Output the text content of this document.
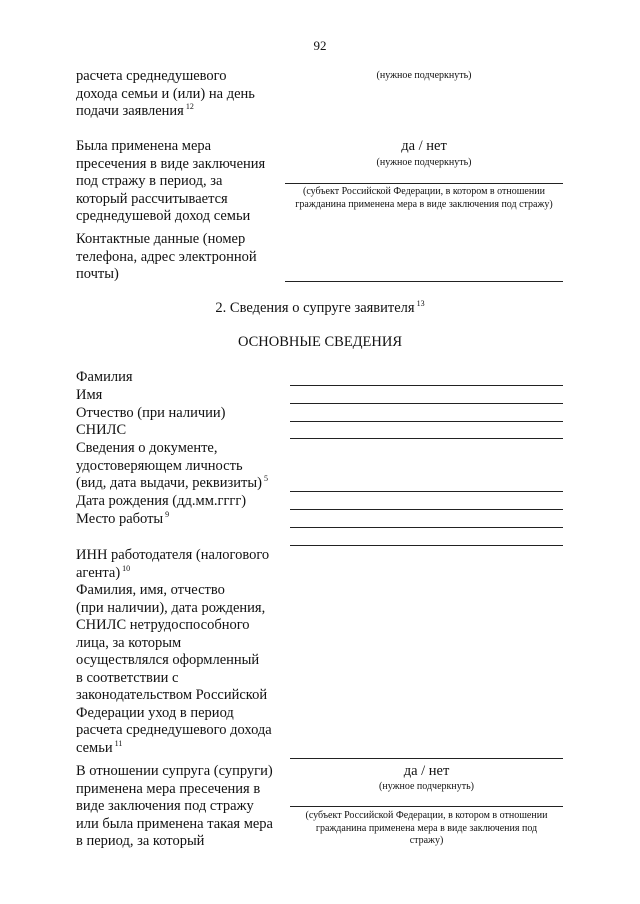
92
расчета среднедушевого
дохода семьи и (или) на день
подачи заявления $^{12}$
(нужное подчеркнуть)
Была применена мера
пресечения в виде заключения
под стражу в период, за
который рассчитывается
среднедушевой доход семьи
да / нет
(нужное подчеркнуть)
(субъект Российской Федерации, в котором в отношении гражданина применена мера в виде заключения под стражу)
Контактные данные (номер
телефона, адрес электронной
почты)
2. Сведения о супруге заявителя $^{13}$
ОСНОВНЫЕ СВЕДЕНИЯ
Фамилия
Имя
Отчество (при наличии)
СНИЛС
Сведения о документе,
удостоверяющем личность
(вид, дата выдачи, реквизиты) $^5$
Дата рождения (дд.мм.гггг)
Место работы $^9$
ИНН работодателя (налогового
агента) $^{10}$
Фамилия, имя, отчество
(при наличии), дата рождения,
СНИЛС нетрудоспособного
лица, за которым
осуществлялся оформленный
в соответствии с
законодательством Российской
Федерации уход в период
расчета среднедушевого дохода
семьи $^{11}$
В отношении супруга (супруги)
применена мера пресечения в
виде заключения под стражу
или была применена такая мера
в период, за который
да / нет
(нужное подчеркнуть)
(субъект Российской Федерации, в котором в отношении гражданина применена мера в виде заключения под стражу)
